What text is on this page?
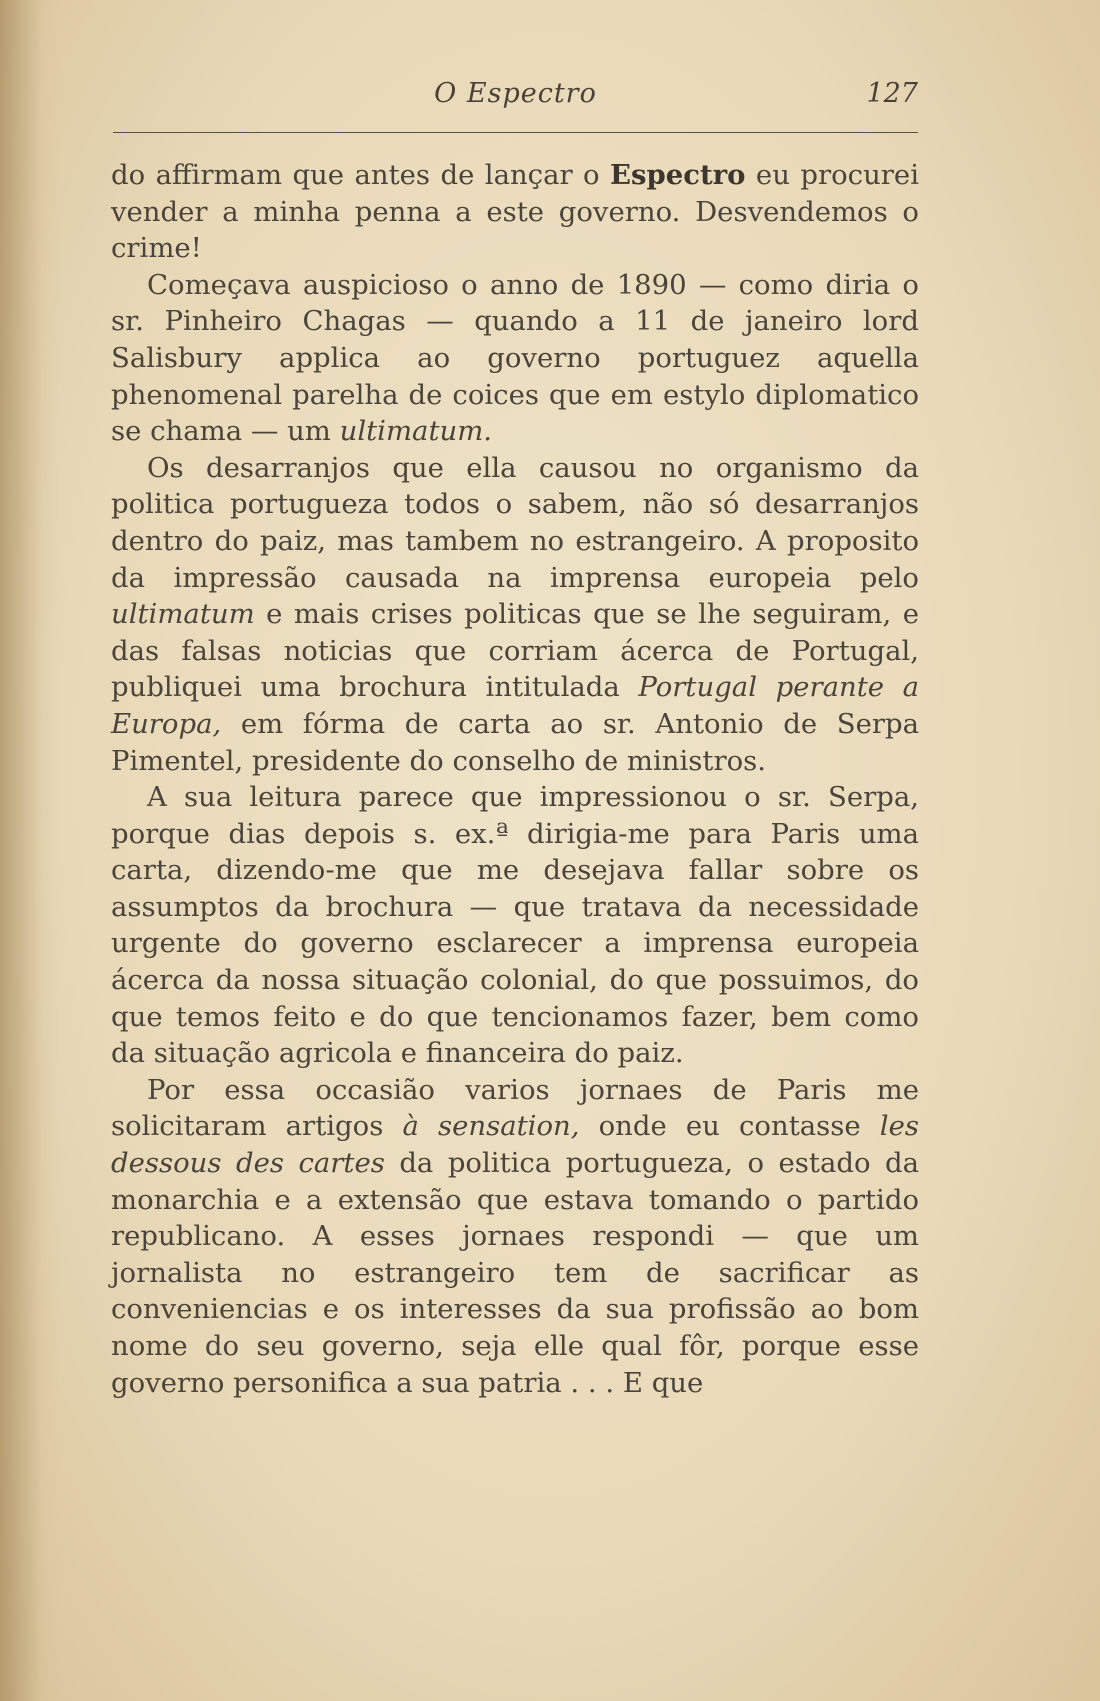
O Espectro	127

do affirmam que antes de lançar o Espectro eu procurei vender a minha penna a este governo. Desvendemos o crime!

Começava auspicioso o anno de 1890 — como diria o sr. Pinheiro Chagas — quando a 11 de janeiro lord Salisbury applica ao governo portuguez aquella phenomenal parelha de coices que em estylo diplomatico se chama — um ultimatum.

Os desarranjos que ella causou no organismo da politica portugueza todos o sabem, não só desarranjos dentro do paiz, mas tambem no estrangeiro. A proposito da impressão causada na imprensa europeia pelo ultimatum e mais crises politicas que se lhe seguiram, e das falsas noticias que corriam ácerca de Portugal, publiquei uma brochura intitulada Portugal perante a Europa, em fórma de carta ao sr. Antonio de Serpa Pimentel, presidente do conselho de ministros.

A sua leitura parece que impressionou o sr. Serpa, porque dias depois s. ex.ª dirigia-me para Paris uma carta, dizendo-me que me desejava fallar sobre os assumptos da brochura — que tratava da necessidade urgente do governo esclarecer a imprensa europeia ácerca da nossa situação colonial, do que possuimos, do que temos feito e do que tencionamos fazer, bem como da situação agricola e financeira do paiz.

Por essa occasião varios jornaes de Paris me solicitaram artigos à sensation, onde eu contasse les dessous des cartes da politica portugueza, o estado da monarchia e a extensão que estava tomando o partido republicano. A esses jornaes respondi — que um jornalista no estrangeiro tem de sacrificar as conveniencias e os interesses da sua profissão ao bom nome do seu governo, seja elle qual fôr, porque esse governo personifica a sua patria . . . E que
